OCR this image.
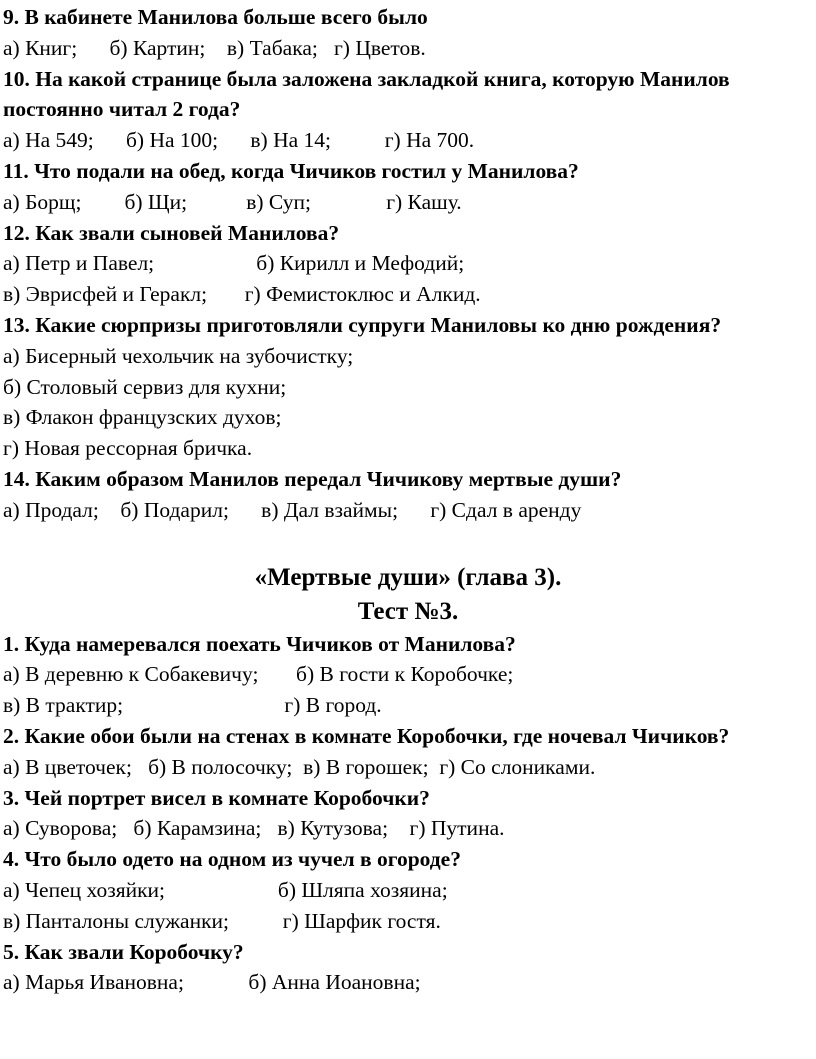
9. В кабинете Манилова больше всего было
а) Книг;      б) Картин;    в) Табака;   г) Цветов.
10. На какой странице была заложена закладкой книга, которую Манилов постоянно читал 2 года?
а) На 549;      б) На 100;      в) На 14;          г) На 700.
11. Что подали на обед, когда Чичиков гостил у Манилова?
а) Борщ;        б) Щи;           в) Суп;              г) Кашу.
12. Как звали сыновей Манилова?
а) Петр и Павел;                   б) Кирилл и Мефодий;
в) Эврисфей и Геракл;       г) Фемистоклюс и Алкид.
13. Какие сюрпризы приготовляли супруги Маниловы ко дню рождения?
а) Бисерный чехольчик на зубочистку;
б) Столовый сервиз для кухни;
в) Флакон французских духов;
г) Новая рессорная бричка.
14. Каким образом Манилов передал Чичикову мертвые души?
а) Продал;    б) Подарил;      в) Дал взаймы;      г) Сдал в аренду
«Мертвые души» (глава 3).
Тест №3.
1. Куда намеревался поехать Чичиков от Манилова?
а) В деревню к Собакевичу;       б) В гости к Коробочке;
в) В трактир;                              г) В город.
2. Какие обои были на стенах в комнате Коробочки, где ночевал Чичиков?
а) В цветочек;   б) В полосочку;  в) В горошек;  г) Со слониками.
3. Чей портрет висел в комнате Коробочки?
а) Суворова;   б) Карамзина;   в) Кутузова;    г) Путина.
4. Что было одето на одном из чучел в огороде?
а) Чепец хозяйки;                     б) Шляпа хозяина;
в) Панталоны служанки;          г) Шарфик гостя.
5. Как звали Коробочку?
а) Марья Ивановна;            б) Анна Иоановна;
